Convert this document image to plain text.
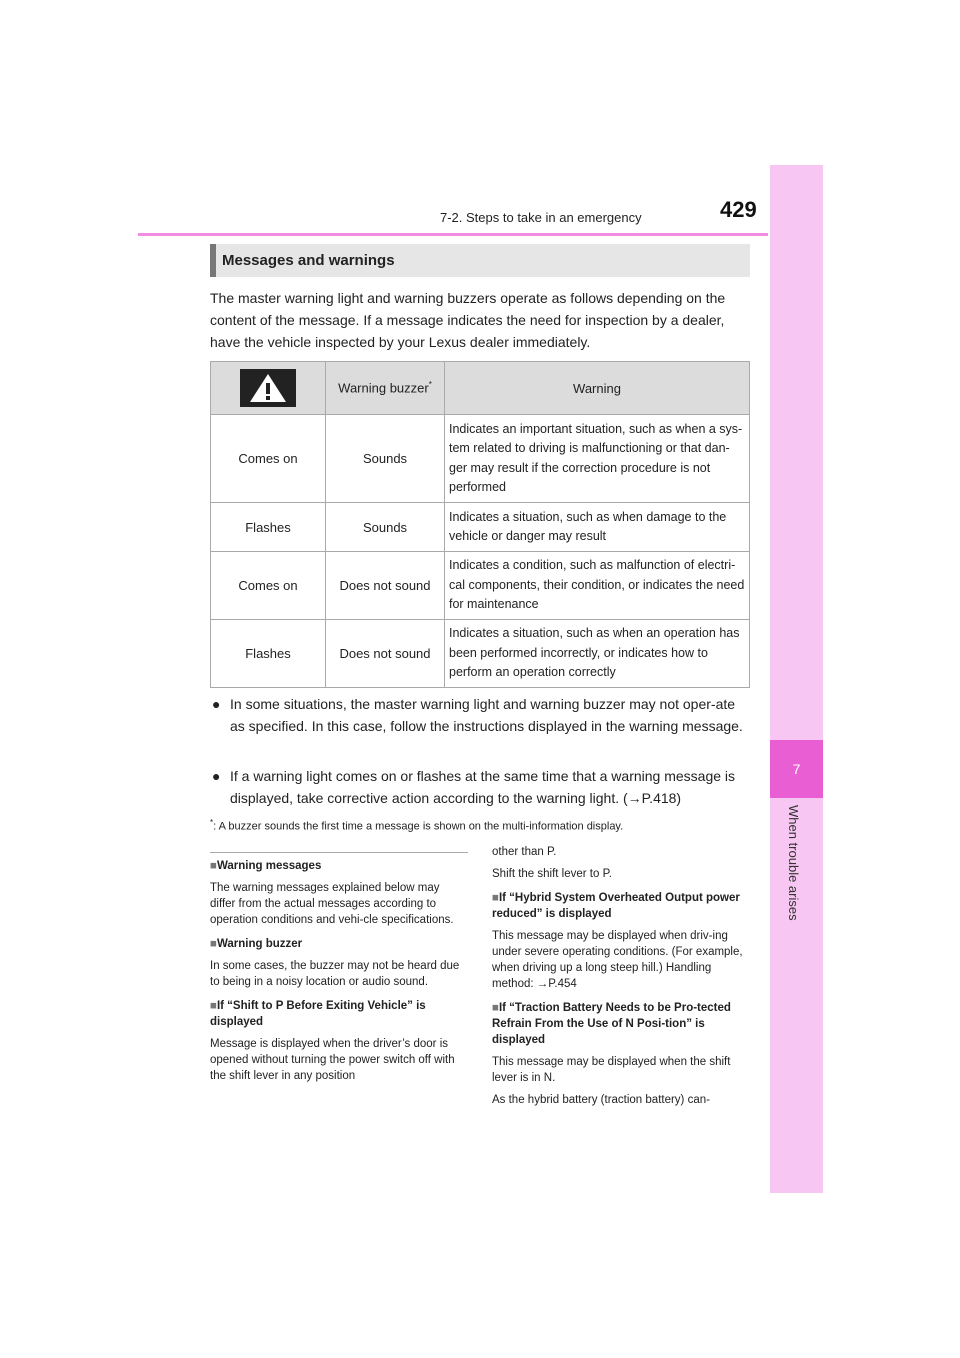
7-2. Steps to take in an emergency	429
7
When trouble arises
Messages and warnings
The master warning light and warning buzzers operate as follows depending on the content of the message. If a message indicates the need for inspection by a dealer, have the vehicle inspected by your Lexus dealer immediately.
	Warning buzzer*	Warning
Comes on	Sounds	Indicates an important situation, such as when a sys-tem related to driving is malfunctioning or that dan-ger may result if the correction procedure is not performed
Flashes	Sounds	Indicates a situation, such as when damage to the vehicle or danger may result
Comes on	Does not sound	Indicates a condition, such as malfunction of electri-cal components, their condition, or indicates the need for maintenance
Flashes	Does not sound	Indicates a situation, such as when an operation has been performed incorrectly, or indicates how to perform an operation correctly
● In some situations, the master warning light and warning buzzer may not oper-ate as specified. In this case, follow the instructions displayed in the warning message.
● If a warning light comes on or flashes at the same time that a warning message is displayed, take corrective action according to the warning light. (→P.418)
*: A buzzer sounds the first time a message is shown on the multi-information display.

■Warning messages

The warning messages explained below may differ from the actual messages according to operation conditions and vehi-cle specifications.

■Warning buzzer

In some cases, the buzzer may not be heard due to being in a noisy location or audio sound.

■If “Shift to P Before Exiting Vehicle” is displayed

Message is displayed when the driver’s door is opened without turning the power switch off with the shift lever in any position

other than P.

Shift the shift lever to P.

■If “Hybrid System Overheated Output power reduced” is displayed

This message may be displayed when driv-ing under severe operating conditions. (For example, when driving up a long steep hill.) Handling method: →P.454

■If “Traction Battery Needs to be Pro-tected Refrain From the Use of N Posi-tion” is displayed

This message may be displayed when the shift lever is in N.

As the hybrid battery (traction battery) can-
